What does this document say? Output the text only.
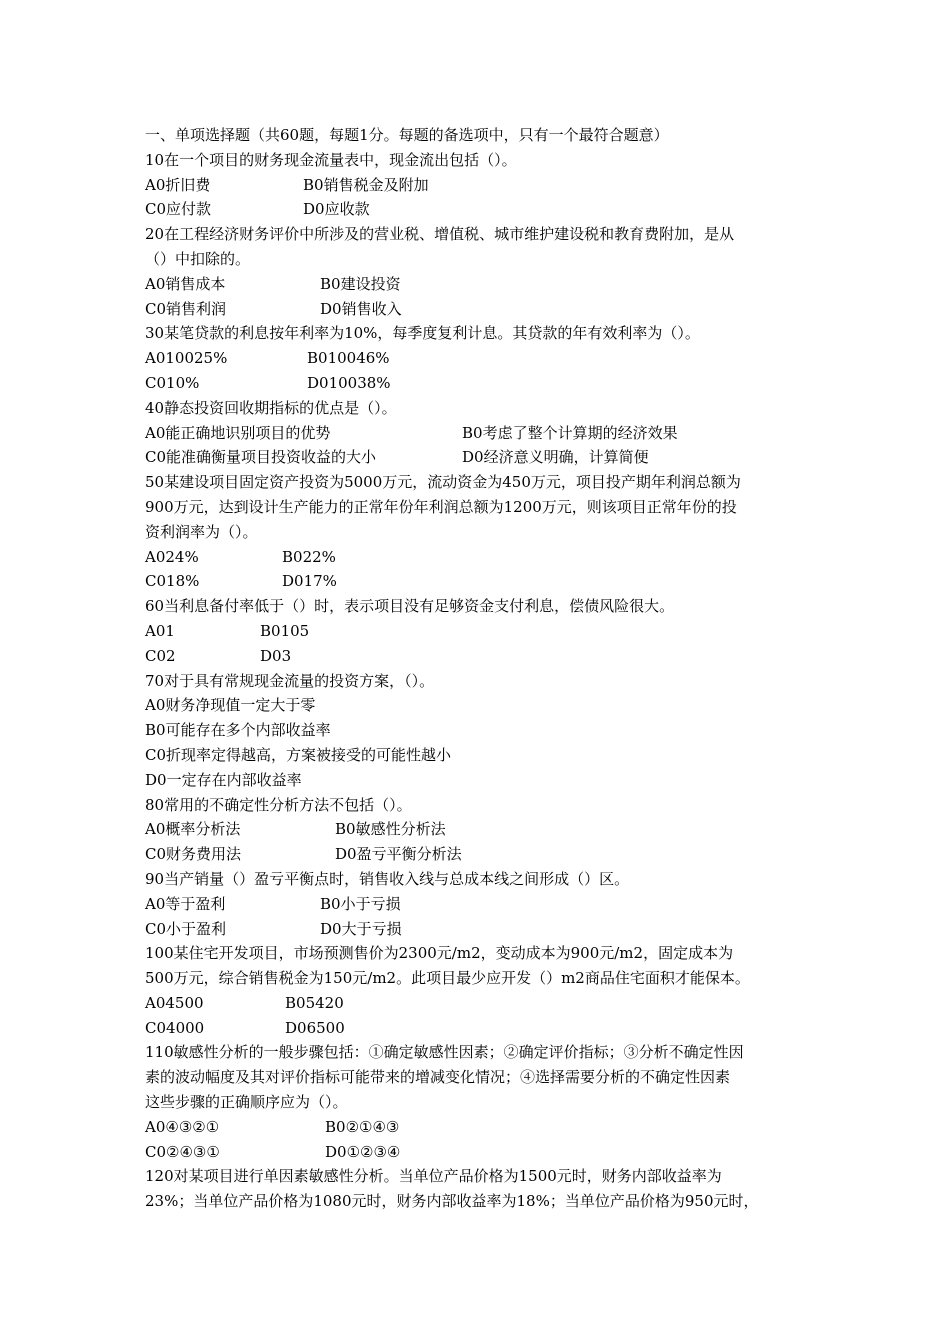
一、单项选择题（共60题，每题1分。每题的备选项中，只有一个最符合题意）
10在一个项目的财务现金流量表中，现金流出包括（）。
A0折旧费	B0销售税金及附加
C0应付款	D0应收款
20在工程经济财务评价中所涉及的营业税、增值税、城市维护建设税和教育费附加，是从
（）中扣除的。
A0销售成本	B0建设投资
C0销售利润	D0销售收入
30某笔贷款的利息按年利率为10%，每季度复利计息。其贷款的年有效利率为（）。
A010025%	B010046%
C010%	D010038%
40静态投资回收期指标的优点是（）。
A0能正确地识别项目的优势	B0考虑了整个计算期的经济效果
C0能准确衡量项目投资收益的大小	D0经济意义明确，计算简便
50某建设项目固定资产投资为5000万元，流动资金为450万元，项目投产期年利润总额为
900万元，达到设计生产能力的正常年份年利润总额为1200万元，则该项目正常年份的投
资利润率为（）。
A024%	B022%
C018%	D017%
60当利息备付率低于（）时，表示项目没有足够资金支付利息，偿债风险很大。
A01	B0105
C02	D03
70对于具有常规现金流量的投资方案，（）。
A0财务净现值一定大于零
B0可能存在多个内部收益率
C0折现率定得越高，方案被接受的可能性越小
D0一定存在内部收益率
80常用的不确定性分析方法不包括（）。
A0概率分析法	B0敏感性分析法
C0财务费用法	D0盈亏平衡分析法
90当产销量（）盈亏平衡点时，销售收入线与总成本线之间形成（）区。
A0等于盈利	B0小于亏损
C0小于盈利	D0大于亏损
100某住宅开发项目，市场预测售价为2300元/m2，变动成本为900元/m2，固定成本为
500万元，综合销售税金为150元/m2。此项目最少应开发（）m2商品住宅面积才能保本。
A04500	B05420
C04000	D06500
110敏感性分析的一般步骤包括：①确定敏感性因素；②确定评价指标；③分析不确定性因
素的波动幅度及其对评价指标可能带来的增减变化情况；④选择需要分析的不确定性因素
这些步骤的正确顺序应为（）。
A0④③②①	B0②①④③
C0②④③①	D0①②③④
120对某项目进行单因素敏感性分析。当单位产品价格为1500元时，财务内部收益率为
23%；当单位产品价格为1080元时，财务内部收益率为18%；当单位产品价格为950元时，
